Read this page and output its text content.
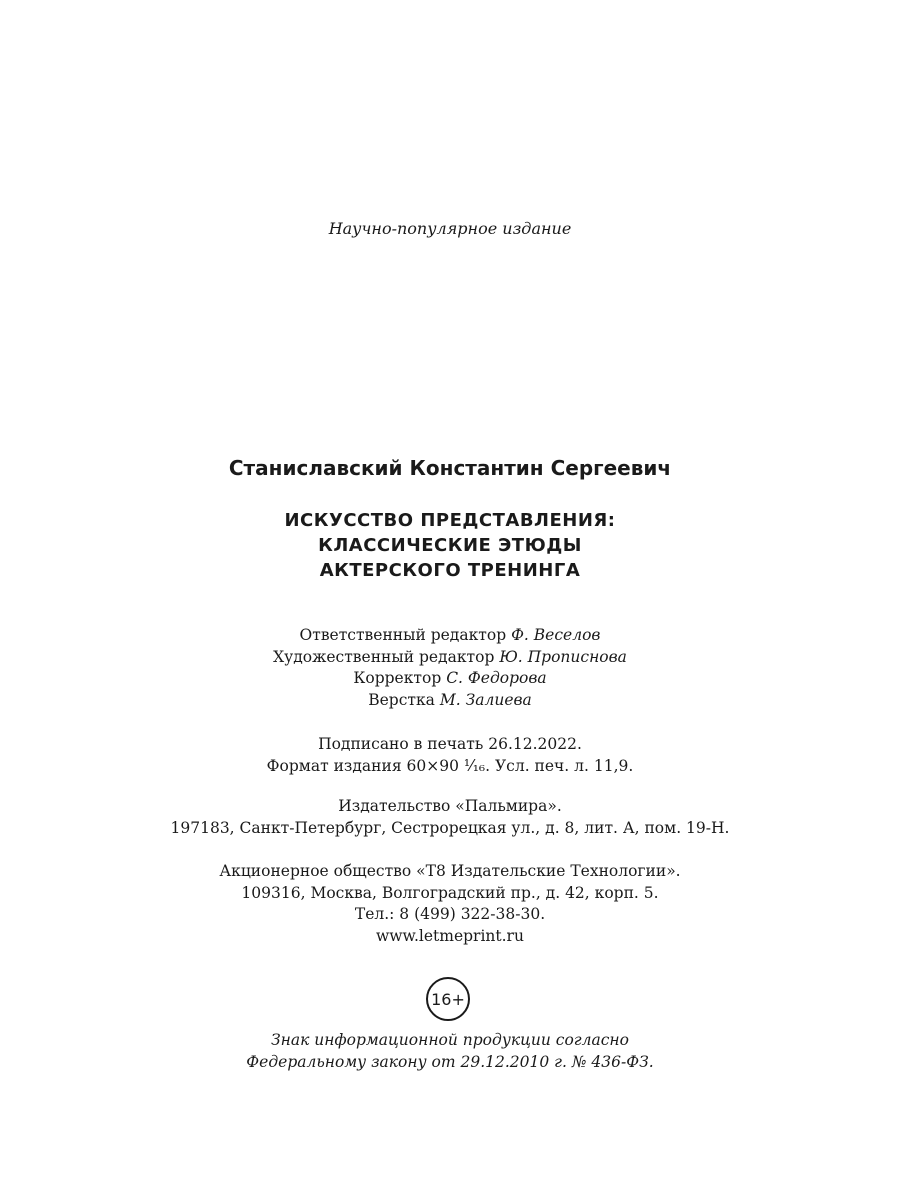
Научно-популярное издание
Станиславский Константин Сергеевич
ИСКУССТВО ПРЕДСТАВЛЕНИЯ:
КЛАССИЧЕСКИЕ ЭТЮДЫ
АКТЕРСКОГО ТРЕНИНГА
Ответственный редактор Ф. Веселов
Художественный редактор Ю. Прописнова
Корректор С. Федорова
Верстка М. Залиева
Подписано в печать 26.12.2022.
Формат издания 60×90 ¹⁄₁₆. Усл. печ. л. 11,9.
Издательство «Пальмира».
197183, Санкт-Петербург, Сестрорецкая ул., д. 8, лит. А, пом. 19-Н.
Акционерное общество «Т8 Издательские Технологии».
109316, Москва, Волгоградский пр., д. 42, корп. 5.
Тел.: 8 (499) 322-38-30.
www.letmeprint.ru
16+
Знак информационной продукции согласно
Федеральному закону от 29.12.2010 г. № 436-ФЗ.
